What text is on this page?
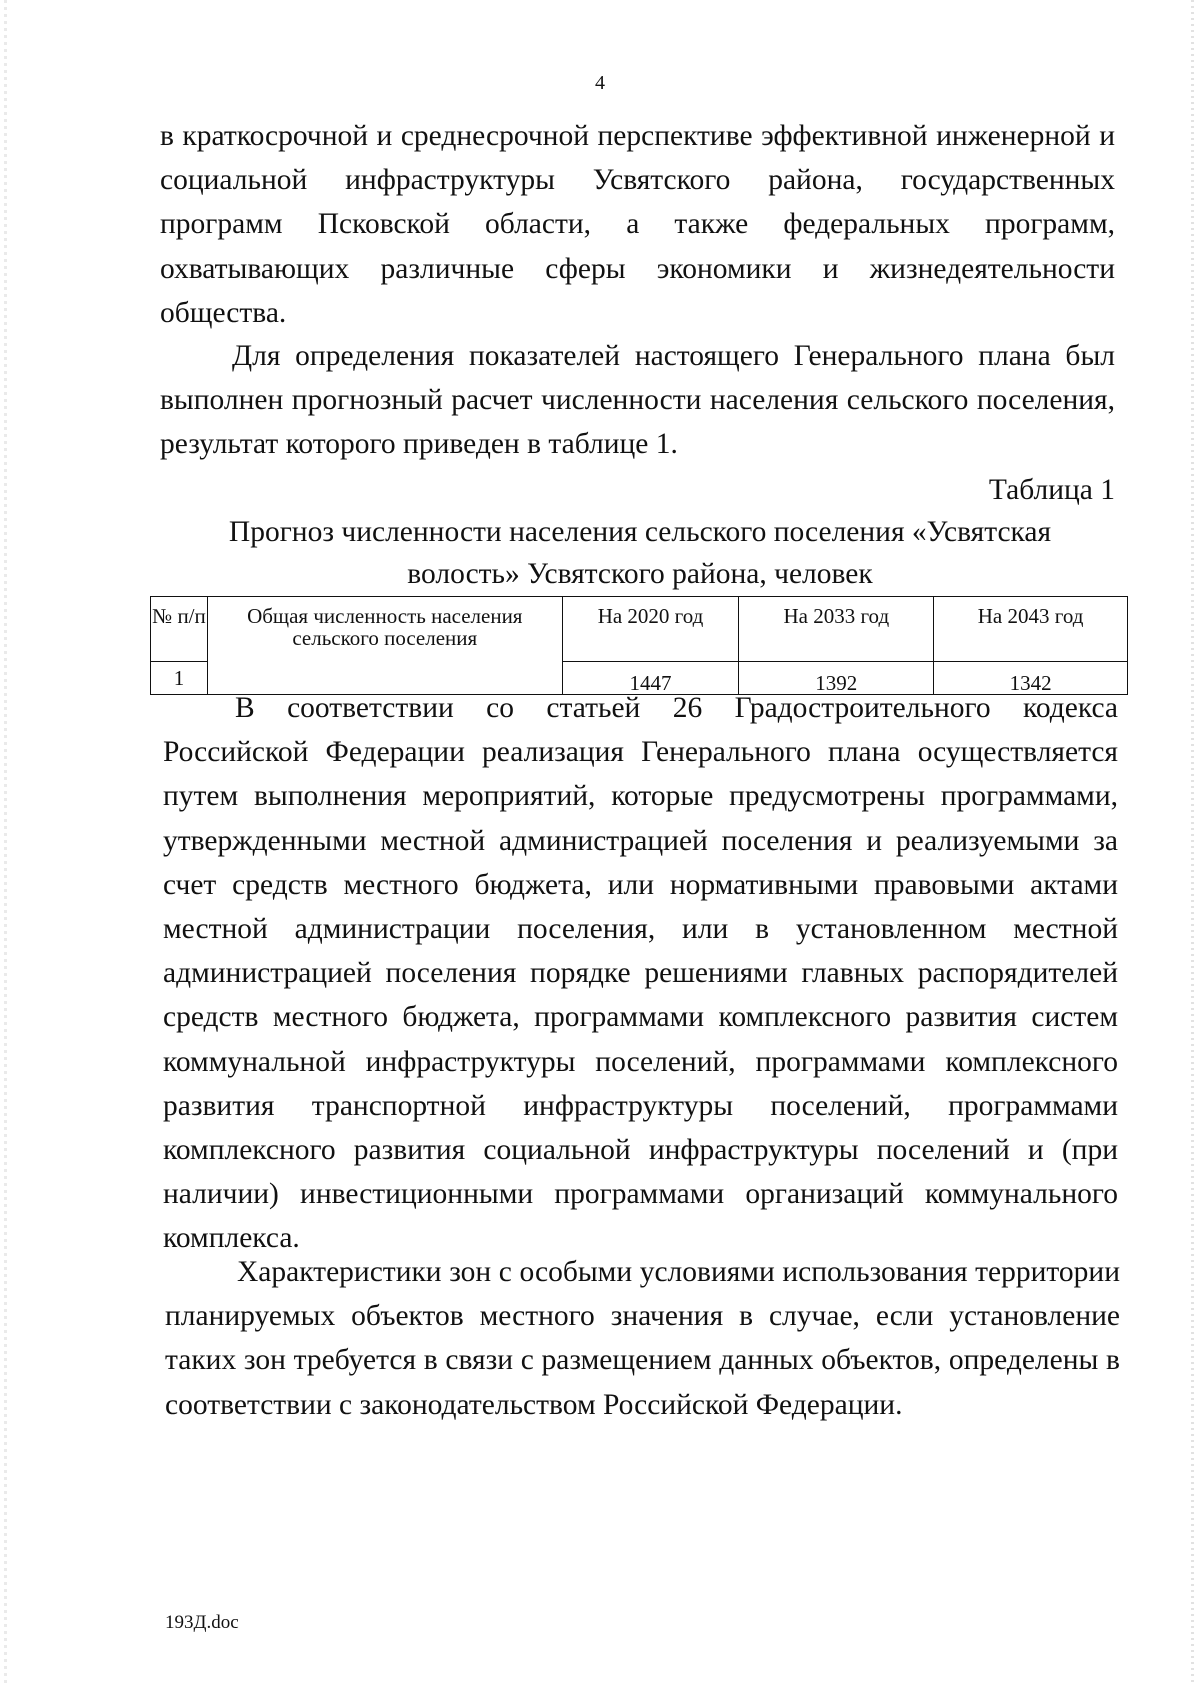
4

в краткосрочной и среднесрочной перспективе эффективной инженерной и социальной инфраструктуры Усвятского района, государственных программ Псковской области, а также федеральных программ, охватывающих различные сферы экономики и жизнедеятельности общества.

Для определения показателей настоящего Генерального плана был выполнен прогнозный расчет численности населения сельского поселения, результат которого приведен в таблице 1.

Таблица 1

Прогноз численности населения сельского поселения «Усвятская волость» Усвятского района, человек

№ п/п	Общая численность населения сельского поселения	На 2020 год	На 2033 год	На 2043 год
1		1447	1392	1342

В соответствии со статьей 26 Градостроительного кодекса Российской Федерации реализация Генерального плана осуществляется путем выполнения мероприятий, которые предусмотрены программами, утвержденными местной администрацией поселения и реализуемыми за счет средств местного бюджета, или нормативными правовыми актами местной администрации поселения, или в установленном местной администрацией поселения порядке решениями главных распорядителей средств местного бюджета, программами комплексного развития систем коммунальной инфраструктуры поселений, программами комплексного развития транспортной инфраструктуры поселений, программами комплексного развития социальной инфраструктуры поселений и (при наличии) инвестиционными программами организаций коммунального комплекса.

Характеристики зон с особыми условиями использования территории планируемых объектов местного значения в случае, если установление таких зон требуется в связи с размещением данных объектов, определены в соответствии с законодательством Российской Федерации.

193Д.doc
